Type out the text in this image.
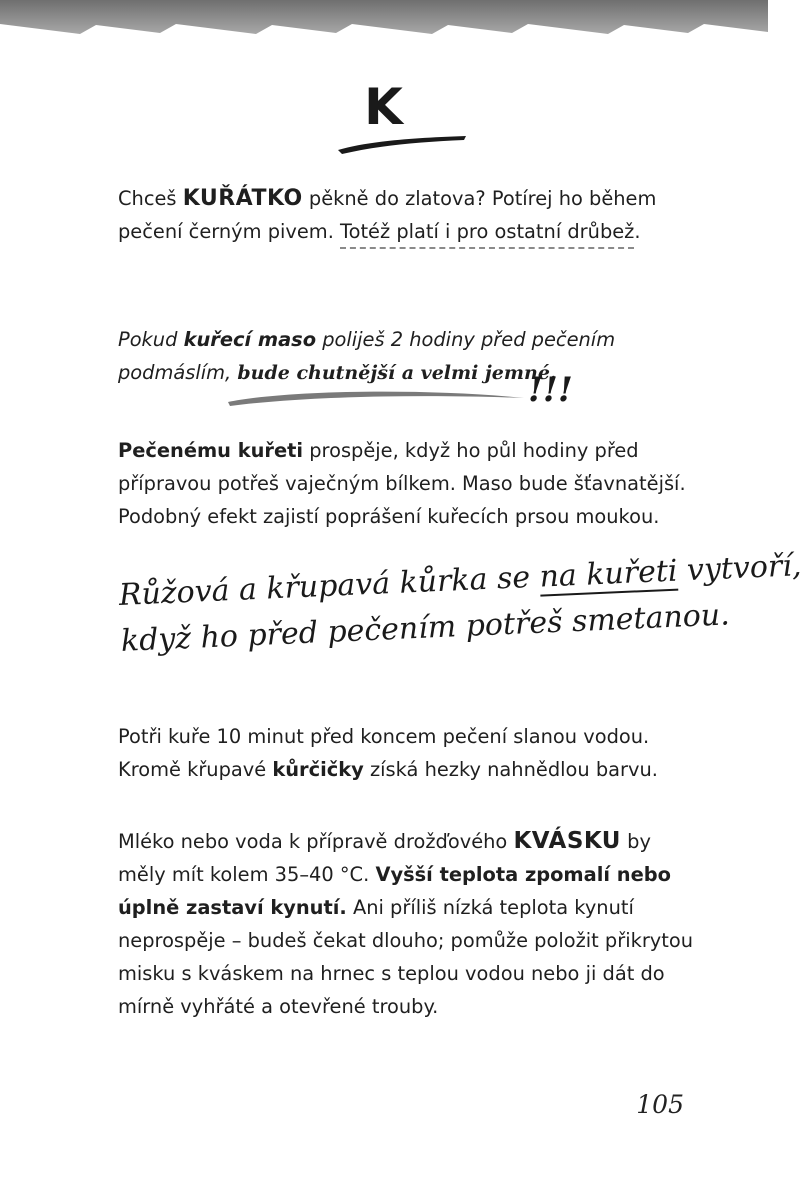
K

Chceš KUŘÁTKO pěkně do zlatova? Potírej ho během pečení černým pivem. Totéž platí i pro ostatní drůbež.

Pokud kuřecí maso poliješ 2 hodiny před pečením podmáslím, bude chutnější a velmi jemné.

!!!

Pečenému kuřeti prospěje, když ho půl hodiny před přípravou potřeš vaječným bílkem. Maso bude šťavnatější. Podobný efekt zajistí poprášení kuřecích prsou moukou.

Růžová a křupavá kůrka se na kuřeti vytvoří,
když ho před pečením potřeš smetanou.

Potři kuře 10 minut před koncem pečení slanou vodou. Kromě křupavé kůrčičky získá hezky nahnědlou barvu.

Mléko nebo voda k přípravě drožďového KVÁSKU by měly mít kolem 35–40 °C. Vyšší teplota zpomalí nebo úplně zastaví kynutí. Ani příliš nízká teplota kynutí neprospěje – budeš čekat dlouho; pomůže položit přikrytou misku s kváskem na hrnec s teplou vodou nebo ji dát do mírně vyhřáté a otevřené trouby.

105
